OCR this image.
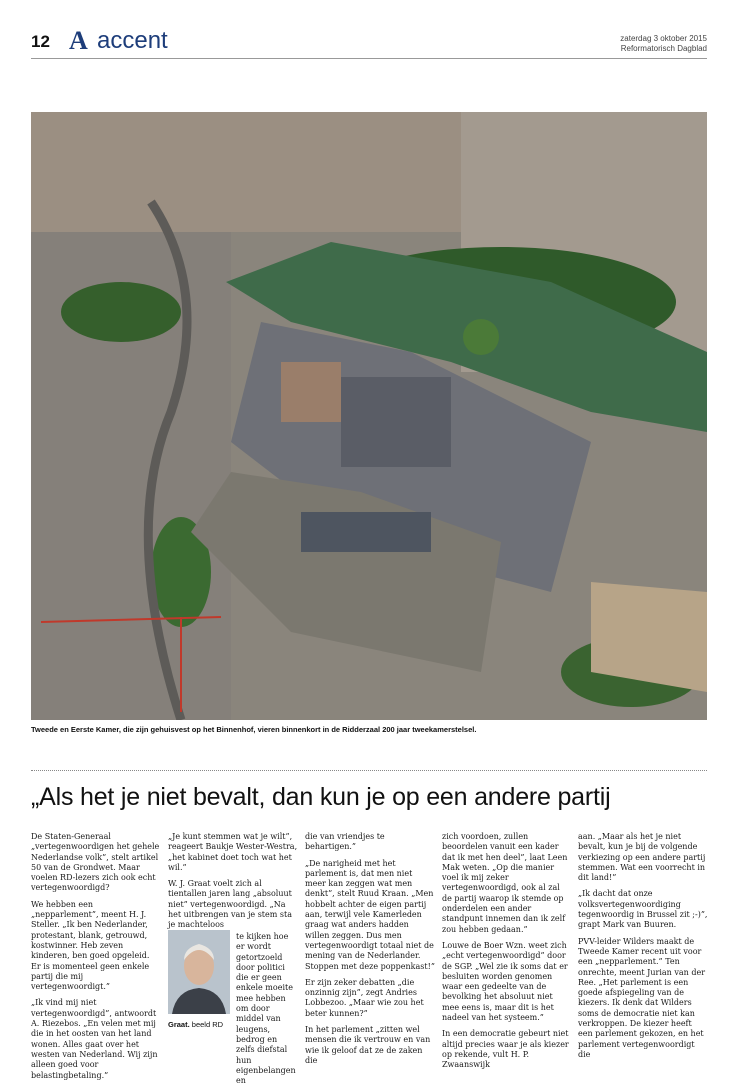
12 A accent	zaterdag 3 oktober 2015
Reformatorisch Dagblad
Tweede en Eerste Kamer, die zijn gehuisvest op het Binnenhof, vieren binnenkort in de Ridderzaal 200 jaar tweekamerstelsel.
„Als het je niet bevalt, dan kun je op een andere partij

De Staten-Generaal „vertegenwoordigen het gehele Nederlandse volk”, stelt artikel 50 van de Grondwet. Maar voelen RD-lezers zich ook echt vertegenwoordigd?

We hebben een „nepparlement”, meent H. J. Steller. „Ik ben Nederlander, protestant, blank, getrouwd, kostwinner. Heb zeven kinderen, ben goed opgeleid. Er is momenteel geen enkele partij die mij vertegenwoordigt.”

„Ik vind mij niet vertegenwoordigd”, antwoordt A. Riezebos. „En velen met mij die in het oosten van het land wonen. Alles gaat over het westen van Nederland. Wij zijn alleen goed voor belastingbetaling.”

„Je kunt stemmen wat je wilt”, reageert Baukje Wester-Westra, „het kabinet doet toch wat het wil.”

W. J. Graat voelt zich al tientallen jaren lang „absoluut niet” vertegenwoordigd. „Na het uitbrengen van je stem sta je machteloos

Graat. beeld RD
te kijken hoe er wordt getortzoeld door politici die er geen enkele moeite mee hebben om door middel van leugens, bedrog en zelfs diefstal hun eigenbelangen en

die van vriendjes te behartigen.”

„De narigheid met het parlement is, dat men niet meer kan zeggen wat men denkt”, stelt Ruud Kraan. „Men hobbelt achter de eigen partij aan, terwijl vele Kamerleden graag wat anders hadden willen zeggen. Dus men vertegenwoordigt totaal niet de mening van de Nederlander. Stoppen met deze poppenkast!”

Er zijn zeker debatten „die onzinnig zijn”, zegt Andries Lobbezoo. „Maar wie zou het beter kunnen?”

In het parlement „zitten wel mensen die ik vertrouw en van wie ik geloof dat ze de zaken die

zich voordoen, zullen beoordelen vanuit een kader dat ik met hen deel”, laat Leen Mak weten. „Op die manier voel ik mij zeker vertegenwoordigd, ook al zal de partij waarop ik stemde op onderdelen een ander standpunt innemen dan ik zelf zou hebben gedaan.”

Louwe de Boer Wzn. weet zich „echt vertegenwoordigd” door de SGP. „Wel zie ik soms dat er besluiten worden genomen waar een gedeelte van de bevolking het absoluut niet mee eens is, maar dit is het nadeel van het systeem.”

In een democratie gebeurt niet altijd precies waar je als kiezer op rekende, vult H. P. Zwaanswijk

aan. „Maar als het je niet bevalt, kun je bij de volgende verkiezing op een andere partij stemmen. Wat een voorrecht in dit land!”

„Ik dacht dat onze volksvertegenwoordiging tegenwoordig in Brussel zit ;-)”, grapt Mark van Buuren.

PVV-leider Wilders maakt de Tweede Kamer recent uit voor een „nepparlement.” Ten onrechte, meent Jurian van der Ree. „Het parlement is een goede afspiegeling van de kiezers. Ik denk dat Wilders soms de democratie niet kan verkroppen. De kiezer heeft een parlement gekozen, en het parlement vertegenwoordigt die
